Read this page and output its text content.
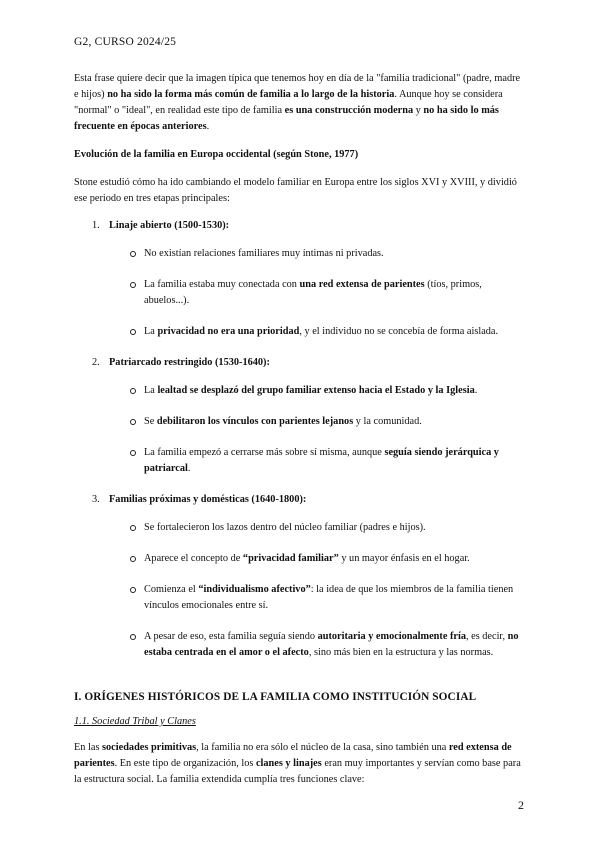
G2, CURSO 2024/25

Esta frase quiere decir que la imagen típica que tenemos hoy en día de la "familia tradicional" (padre, madre e hijos) no ha sido la forma más común de familia a lo largo de la historia. Aunque hoy se considera "normal" o "ideal", en realidad este tipo de familia es una construcción moderna y no ha sido lo más frecuente en épocas anteriores.

Evolución de la familia en Europa occidental (según Stone, 1977)

Stone estudió cómo ha ido cambiando el modelo familiar en Europa entre los siglos XVI y XVIII, y dividió ese periodo en tres etapas principales:

1. Linaje abierto (1500-1530):
No existían relaciones familiares muy íntimas ni privadas.
La familia estaba muy conectada con una red extensa de parientes (tíos, primos, abuelos...).
La privacidad no era una prioridad, y el individuo no se concebía de forma aislada.
2. Patriarcado restringido (1530-1640):
La lealtad se desplazó del grupo familiar extenso hacia el Estado y la Iglesia.
Se debilitaron los vínculos con parientes lejanos y la comunidad.
La familia empezó a cerrarse más sobre sí misma, aunque seguía siendo jerárquica y patriarcal.
3. Familias próximas y domésticas (1640-1800):
Se fortalecieron los lazos dentro del núcleo familiar (padres e hijos).
Aparece el concepto de “privacidad familiar” y un mayor énfasis en el hogar.
Comienza el “individualismo afectivo”: la idea de que los miembros de la familia tienen vínculos emocionales entre sí.
A pesar de eso, esta familia seguía siendo autoritaria y emocionalmente fría, es decir, no estaba centrada en el amor o el afecto, sino más bien en la estructura y las normas.

I. ORÍGENES HISTÓRICOS DE LA FAMILIA COMO INSTITUCIÓN SOCIAL

1.1. Sociedad Tribal y Clanes

En las sociedades primitivas, la familia no era sólo el núcleo de la casa, sino también una red extensa de parientes. En este tipo de organización, los clanes y linajes eran muy importantes y servían como base para la estructura social. La familia extendida cumplía tres funciones clave:

2
